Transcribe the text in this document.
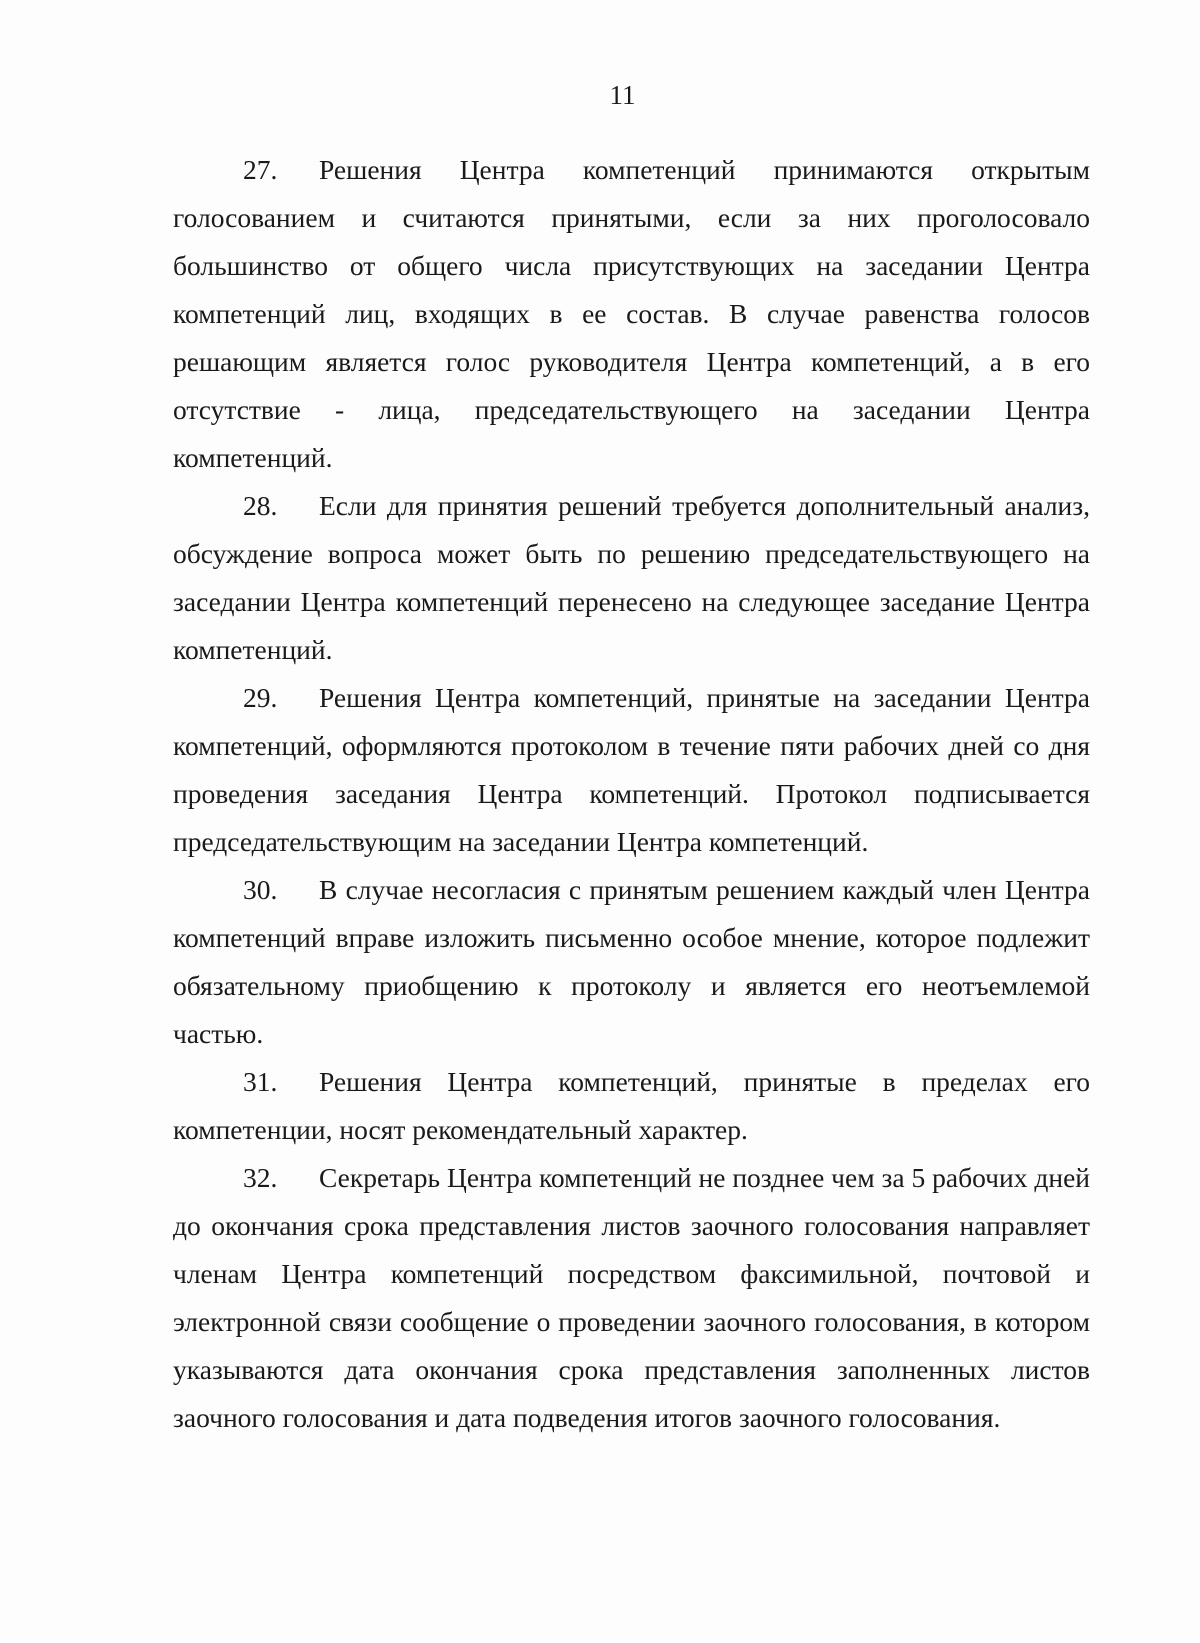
11

27. Решения Центра компетенций принимаются открытым голосованием и считаются принятыми, если за них проголосовало большинство от общего числа присутствующих на заседании Центра компетенций лиц, входящих в ее состав. В случае равенства голосов решающим является голос руководителя Центра компетенций, а в его отсутствие - лица, председательствующего на заседании Центра компетенций.

28. Если для принятия решений требуется дополнительный анализ, обсуждение вопроса может быть по решению председательствующего на заседании Центра компетенций перенесено на следующее заседание Центра компетенций.

29. Решения Центра компетенций, принятые на заседании Центра компетенций, оформляются протоколом в течение пяти рабочих дней со дня проведения заседания Центра компетенций. Протокол подписывается председательствующим на заседании Центра компетенций.

30. В случае несогласия с принятым решением каждый член Центра компетенций вправе изложить письменно особое мнение, которое подлежит обязательному приобщению к протоколу и является его неотъемлемой частью.

31. Решения Центра компетенций, принятые в пределах его компетенции, носят рекомендательный характер.

32. Секретарь Центра компетенций не позднее чем за 5 рабочих дней до окончания срока представления листов заочного голосования направляет членам Центра компетенций посредством факсимильной, почтовой и электронной связи сообщение о проведении заочного голосования, в котором указываются дата окончания срока представления заполненных листов заочного голосования и дата подведения итогов заочного голосования.
